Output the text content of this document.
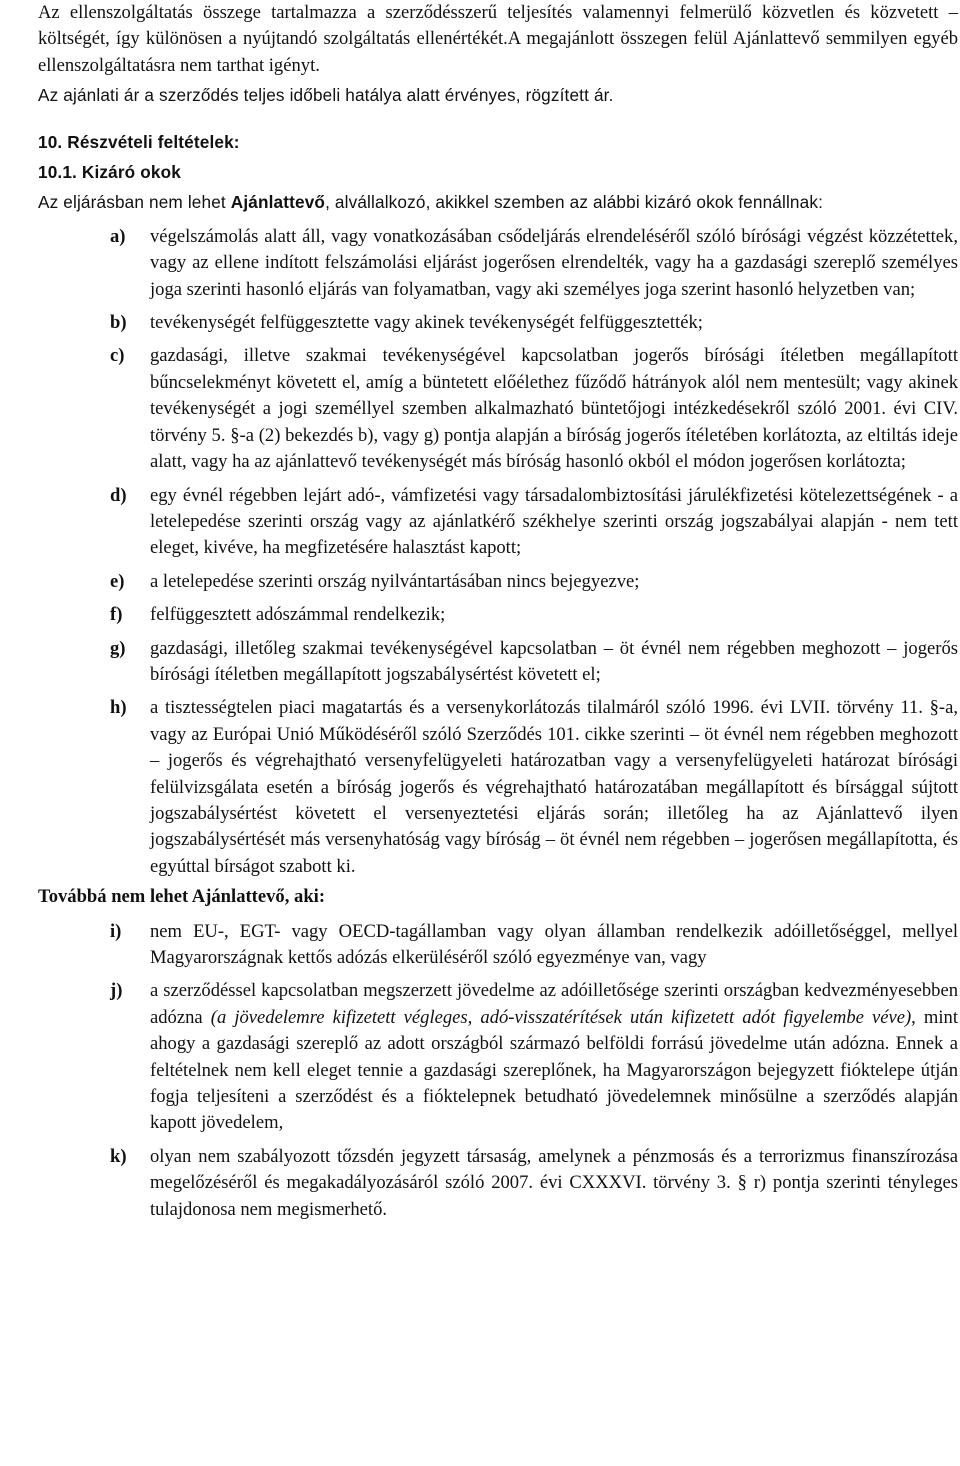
Az ellenszolgáltatás összege tartalmazza a szerződésszerű teljesítés valamennyi felmerülő közvetlen és közvetett – költségét, így különösen a nyújtandó szolgáltatás ellenértékét.A megajánlott összegen felül Ajánlattevő semmilyen egyéb ellenszolgáltatásra nem tarthat igényt.

Az ajánlati ár a szerződés teljes időbeli hatálya alatt érvényes, rögzített ár.

10. Részvételi feltételek:

10.1. Kizáró okok

Az eljárásban nem lehet Ajánlattevő, alvállalkozó, akikkel szemben az alábbi kizáró okok fennállnak:

a) végelszámolás alatt áll, vagy vonatkozásában csődeljárás elrendeléséről szóló bírósági végzést közzétettek, vagy az ellene indított felszámolási eljárást jogerősen elrendelték, vagy ha a gazdasági szereplő személyes joga szerinti hasonló eljárás van folyamatban, vagy aki személyes joga szerint hasonló helyzetben van;
b) tevékenységét felfüggesztette vagy akinek tevékenységét felfüggesztették;
c) gazdasági, illetve szakmai tevékenységével kapcsolatban jogerős bírósági ítéletben megállapított bűncselekményt követett el, amíg a büntetett előélethez fűződő hátrányok alól nem mentesült; vagy akinek tevékenységét a jogi személlyel szemben alkalmazható büntetőjogi intézkedésekről szóló 2001. évi CIV. törvény 5. §-a (2) bekezdés b), vagy g) pontja alapján a bíróság jogerős ítéletében korlátozta, az eltiltás ideje alatt, vagy ha az ajánlattevő tevékenységét más bíróság hasonló okból el módon jogerősen korlátozta;
d) egy évnél régebben lejárt adó-, vámfizetési vagy társadalombiztosítási járulékfizetési kötelezettségének - a letelepedése szerinti ország vagy az ajánlatkérő székhelye szerinti ország jogszabályai alapján - nem tett eleget, kivéve, ha megfizetésére halasztást kapott;
e) a letelepedése szerinti ország nyilvántartásában nincs bejegyezve;
f) felfüggesztett adószámmal rendelkezik;
g) gazdasági, illetőleg szakmai tevékenységével kapcsolatban – öt évnél nem régebben meghozott – jogerős bírósági ítéletben megállapított jogszabálysértést követett el;
h) a tisztességtelen piaci magatartás és a versenykorlátozás tilalmáról szóló 1996. évi LVII. törvény 11. §-a, vagy az Európai Unió Működéséről szóló Szerződés 101. cikke szerinti – öt évnél nem régebben meghozott – jogerős és végrehajtható versenyfelügyeleti határozatban vagy a versenyfelügyeleti határozat bírósági felülvizsgálata esetén a bíróság jogerős és végrehajtható határozatában megállapított és bírsággal sújtott jogszabálysértést követett el versenyeztetési eljárás során; illetőleg ha az Ajánlattevő ilyen jogszabálysértését más versenyhatóság vagy bíróság – öt évnél nem régebben – jogerősen megállapította, és egyúttal bírságot szabott ki.

Továbbá nem lehet Ajánlattevő, aki:

i) nem EU-, EGT- vagy OECD-tagállamban vagy olyan államban rendelkezik adóilletőséggel, mellyel Magyarországnak kettős adózás elkerüléséről szóló egyezménye van, vagy
j) a szerződéssel kapcsolatban megszerzett jövedelme az adóilletősége szerinti országban kedvezményesebben adózna (a jövedelemre kifizetett végleges, adó-visszatérítések után kifizetett adót figyelembe véve), mint ahogy a gazdasági szereplő az adott országból származó belföldi forrású jövedelme után adózna. Ennek a feltételnek nem kell eleget tennie a gazdasági szereplőnek, ha Magyarországon bejegyzett fióktelepe útján fogja teljesíteni a szerződést és a fióktelepnek betudható jövedelemnek minősülne a szerződés alapján kapott jövedelem,
k) olyan nem szabályozott tőzsdén jegyzett társaság, amelynek a pénzmosás és a terrorizmus finanszírozása megelőzéséről és megakadályozásáról szóló 2007. évi CXXXVI. törvény 3. § r) pontja szerinti tényleges tulajdonosa nem megismerhető.
